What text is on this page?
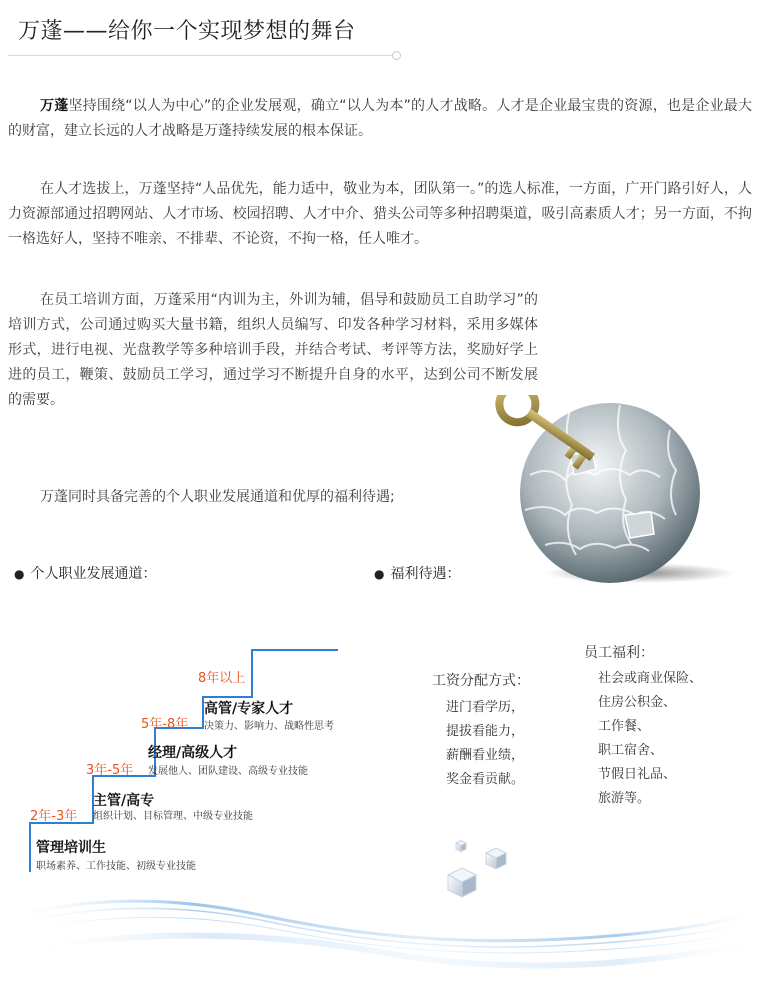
万蓬——给你一个实现梦想的舞台

万蓬坚持围绕“以人为中心”的企业发展观，确立“以人为本”的人才战略。人才是企业最宝贵的资源，也是企业最大的财富，建立长远的人才战略是万蓬持续发展的根本保证。

在人才选拔上，万蓬坚持“人品优先，能力适中，敬业为本，团队第一。”的选人标准，一方面，广开门路引好人，人力资源部通过招聘网站、人才市场、校园招聘、人才中介、猎头公司等多种招聘渠道，吸引高素质人才；另一方面，不拘一格选好人，坚持不唯亲、不排辈、不论资，不拘一格，任人唯才。

在员工培训方面，万蓬采用“内训为主，外训为辅，倡导和鼓励员工自助学习”的培训方式，公司通过购买大量书籍，组织人员编写、印发各种学习材料，采用多媒体形式，进行电视、光盘教学等多种培训手段，并结合考试、考评等方法，奖励好学上进的员工，鞭策、鼓励员工学习，通过学习不断提升自身的水平，达到公司不断发展的需要。

万蓬同时具备完善的个人职业发展通道和优厚的福利待遇;

● 个人职业发展通道：	● 福利待遇：
2年-3年
管理培训生
职场素养、工作技能、初级专业技能
3年-5年
主管/高专
5年-8年
经理/高级人才
发展他人、团队建设、高级专业技能
8年以上
高管/专家人才
决策力、影响力、战略性思考
组织计划、目标管理、中级专业技能
工资分配方式：
进门看学历，
提拔看能力，
薪酬看业绩，
奖金看贡献。
员工福利：
社会或商业保险、
住房公积金、
工作餐、
职工宿舍、
节假日礼品、
旅游等。
